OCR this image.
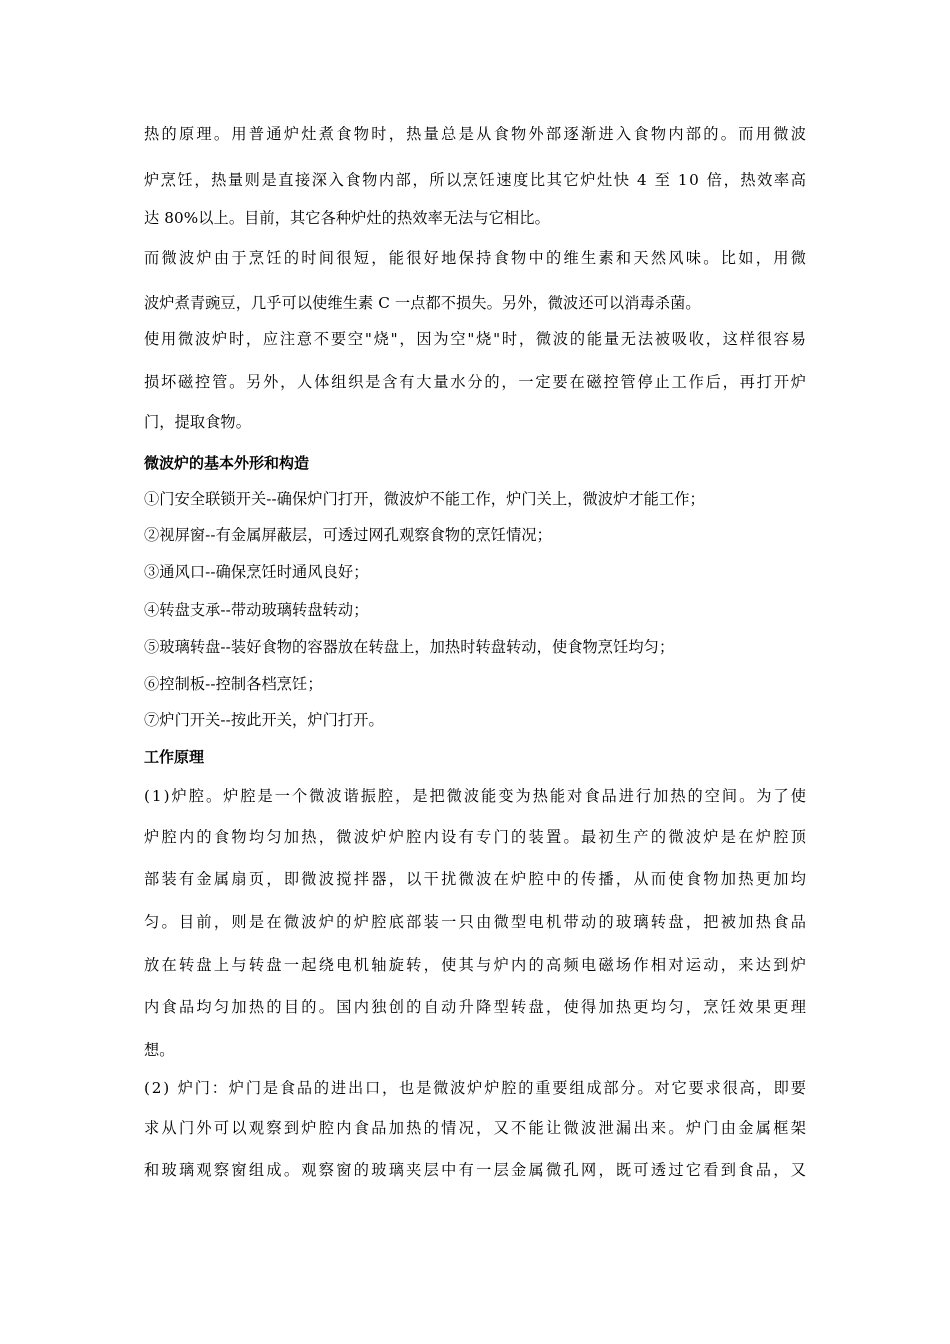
热的原理。用普通炉灶煮食物时，热量总是从食物外部逐渐进入食物内部的。而用微波
炉烹饪，热量则是直接深入食物内部，所以烹饪速度比其它炉灶快 4 至 10 倍，热效率高
达 80%以上。目前，其它各种炉灶的热效率无法与它相比。
而微波炉由于烹饪的时间很短，能很好地保持食物中的维生素和天然风味。比如，用微
波炉煮青豌豆，几乎可以使维生素 C 一点都不损失。另外，微波还可以消毒杀菌。
使用微波炉时，应注意不要空"烧"，因为空"烧"时，微波的能量无法被吸收，这样很容易
损坏磁控管。另外，人体组织是含有大量水分的，一定要在磁控管停止工作后，再打开炉
门，提取食物。
微波炉的基本外形和构造
①门安全联锁开关--确保炉门打开，微波炉不能工作，炉门关上，微波炉才能工作；
②视屏窗--有金属屏蔽层，可透过网孔观察食物的烹饪情况；
③通风口--确保烹饪时通风良好；
④转盘支承--带动玻璃转盘转动；
⑤玻璃转盘--装好食物的容器放在转盘上，加热时转盘转动，使食物烹饪均匀；
⑥控制板--控制各档烹饪；
⑦炉门开关--按此开关，炉门打开。
工作原理
(1)炉腔。炉腔是一个微波谐振腔，是把微波能变为热能对食品进行加热的空间。为了使
炉腔内的食物均匀加热，微波炉炉腔内设有专门的装置。最初生产的微波炉是在炉腔顶
部装有金属扇页，即微波搅拌器，以干扰微波在炉腔中的传播，从而使食物加热更加均
匀。目前，则是在微波炉的炉腔底部装一只由微型电机带动的玻璃转盘，把被加热食品
放在转盘上与转盘一起绕电机轴旋转，使其与炉内的高频电磁场作相对运动，来达到炉
内食品均匀加热的目的。国内独创的自动升降型转盘，使得加热更均匀，烹饪效果更理
想。
(2) 炉门：炉门是食品的进出口，也是微波炉炉腔的重要组成部分。对它要求很高，即要
求从门外可以观察到炉腔内食品加热的情况，又不能让微波泄漏出来。炉门由金属框架
和玻璃观察窗组成。观察窗的玻璃夹层中有一层金属微孔网，既可透过它看到食品，又
